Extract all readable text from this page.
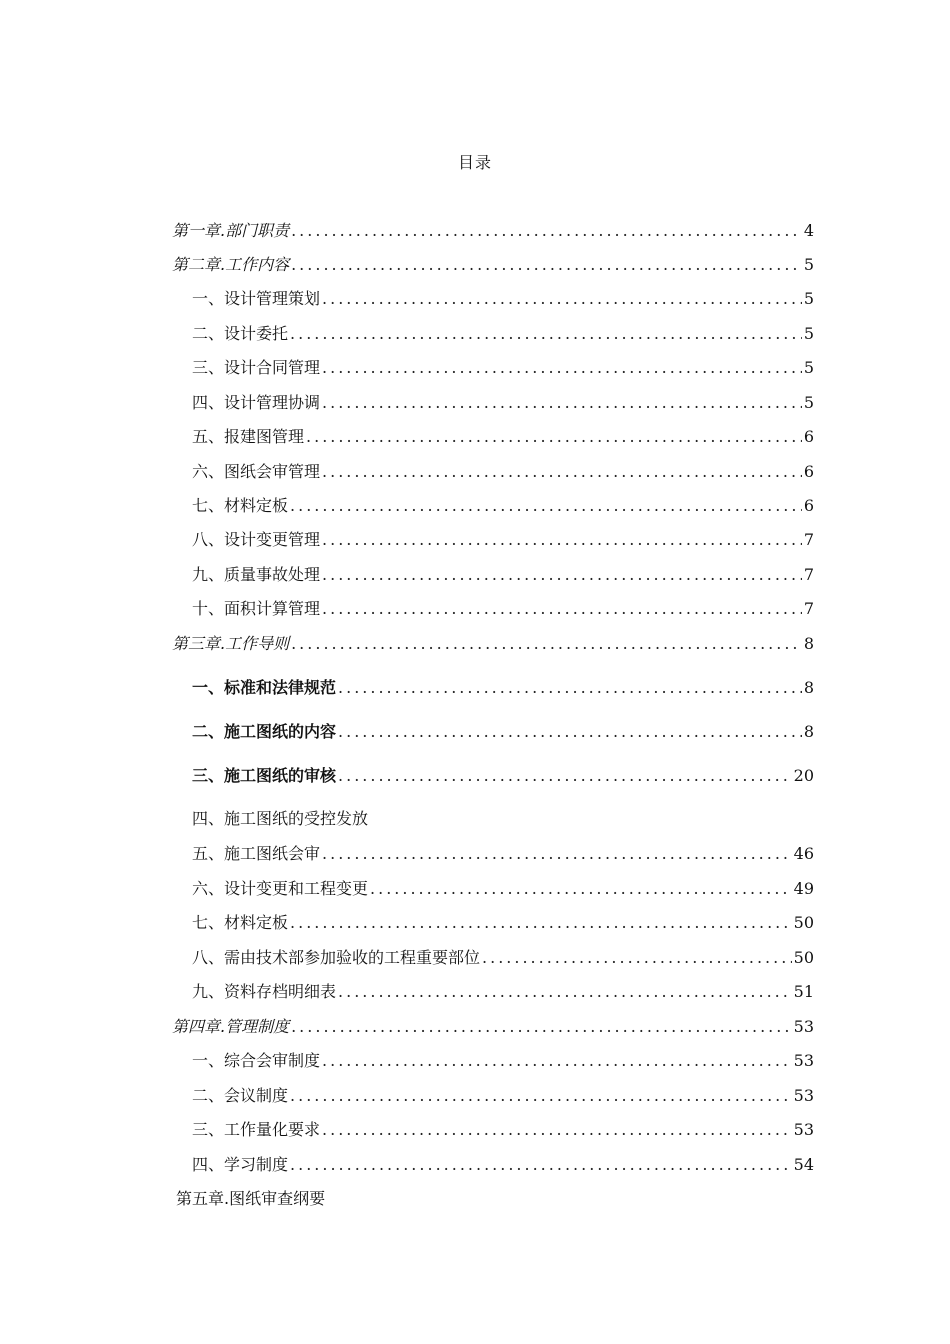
目录
第一章.部门职责 .....	4
第二章.工作内容 .....	5
一、 设计管理策划 .....	5
二、 设计委托 .....	5
三、 设计合同管理 .....	5
四、 设计管理协调 .....	5
五、 报建图管理 .....	6
六、 图纸会审管理 .....	6
七、 材料定板 .....	6
八、 设计变更管理 .....	7
九、 质量事故处理 .....	7
十、 面积计算管理 .....	7
第三章.工作导则 .....	8
一、标准和法律规范 .....	8
二、施工图纸的内容 .....	8
三、施工图纸的审核 .....	20
四、施工图纸的受控发放
五、施工图纸会审 .....	46
六、设计变更和工程变更 .....	49
七、材料定板 .....	50
八、需由技术部参加验收的工程重要部位 .....	50
九、资料存档明细表 .....	51
第四章.管理制度 .....	53
一、综合会审制度 .....	53
二、会议制度 .....	53
三、工作量化要求 .....	53
四、学习制度 .....	54
第五章.图纸审查纲要
